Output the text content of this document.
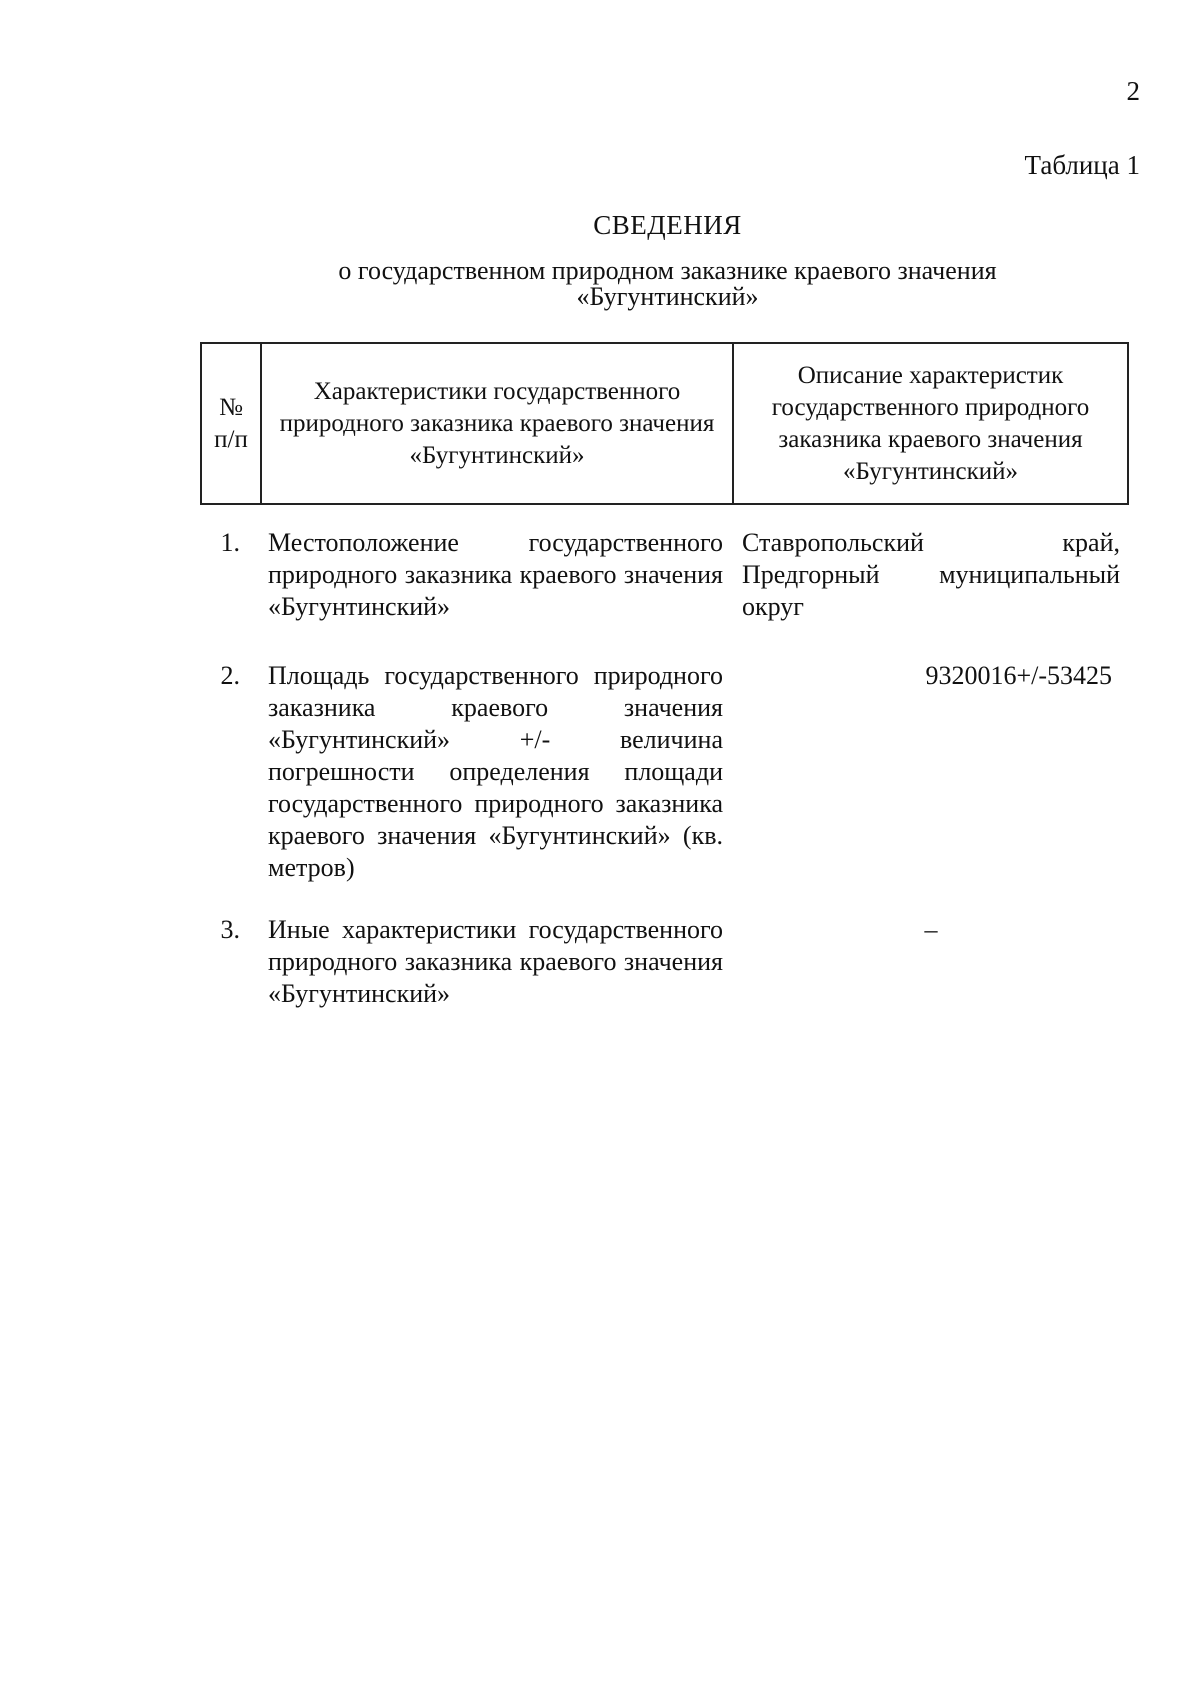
2
Таблица 1
СВЕДЕНИЯ
о государственном природном заказнике краевого значения
«Бугунтинский»
№
п/п
Характеристики государственного природного заказника краевого значения «Бугунтинский»
Описание характеристик государственного природного заказника краевого значения «Бугунтинский»
1. Местоположение государственного природного заказника краевого значения «Бугунтинский»
Ставропольский край, Предгорный муниципальный округ
2. Площадь государственного природного заказника краевого значения «Бугунтинский» +/- величина погрешности определения площади государственного природного заказника краевого значения «Бугунтинский» (кв. метров)
9320016+/-53425
3. Иные характеристики государственного природного заказника краевого значения «Бугунтинский»
–
